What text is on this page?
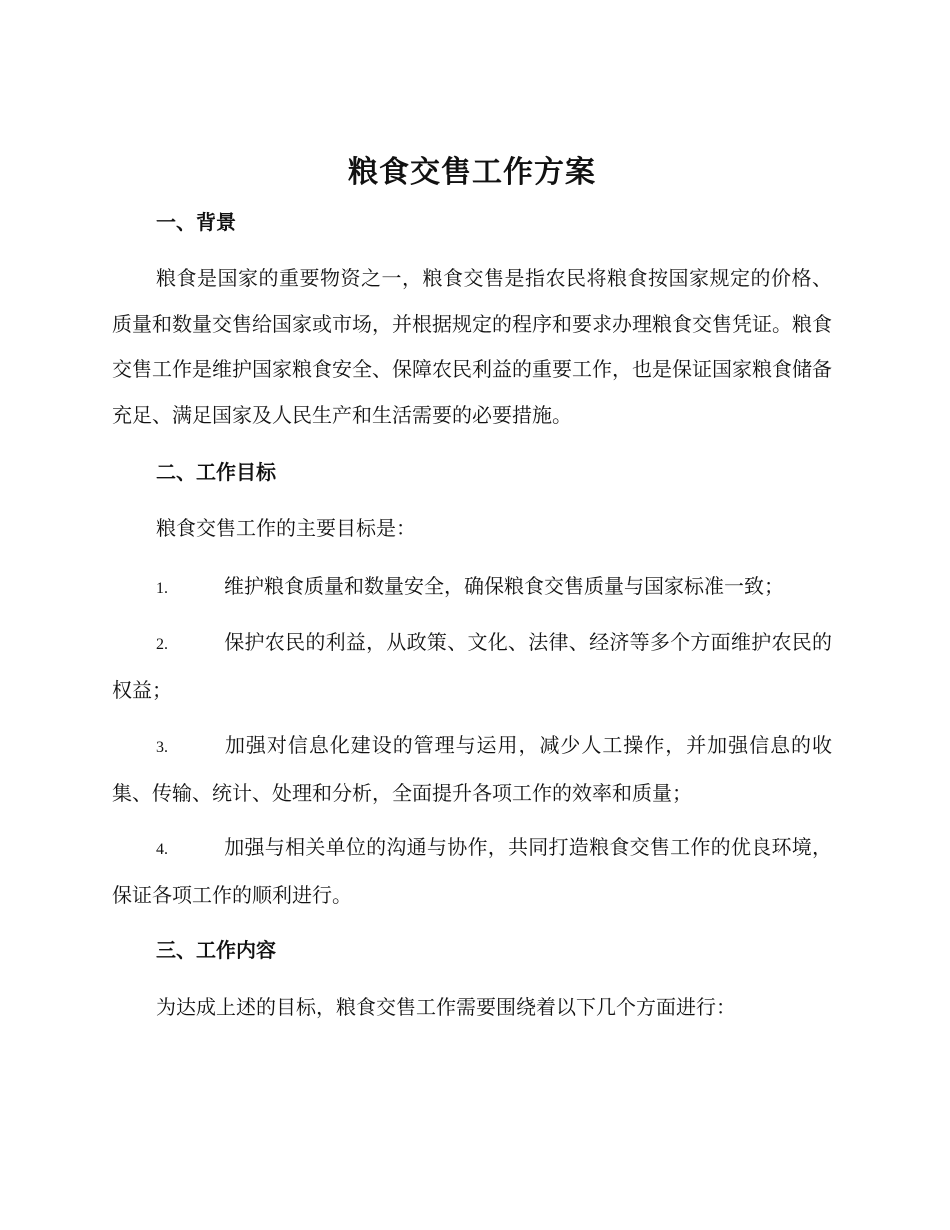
粮食交售工作方案
一、背景

粮食是国家的重要物资之一，粮食交售是指农民将粮食按国家规定的价格、质量和数量交售给国家或市场，并根据规定的程序和要求办理粮食交售凭证。粮食交售工作是维护国家粮食安全、保障农民利益的重要工作，也是保证国家粮食储备充足、满足国家及人民生产和生活需要的必要措施。

二、工作目标

粮食交售工作的主要目标是：

1.	维护粮食质量和数量安全，确保粮食交售质量与国家标准一致；

2.	保护农民的利益，从政策、文化、法律、经济等多个方面维护农民的权益；

3.	加强对信息化建设的管理与运用，减少人工操作，并加强信息的收集、传输、统计、处理和分析，全面提升各项工作的效率和质量；

4.	加强与相关单位的沟通与协作，共同打造粮食交售工作的优良环境，保证各项工作的顺利进行。

三、工作内容

为达成上述的目标，粮食交售工作需要围绕着以下几个方面进行：
